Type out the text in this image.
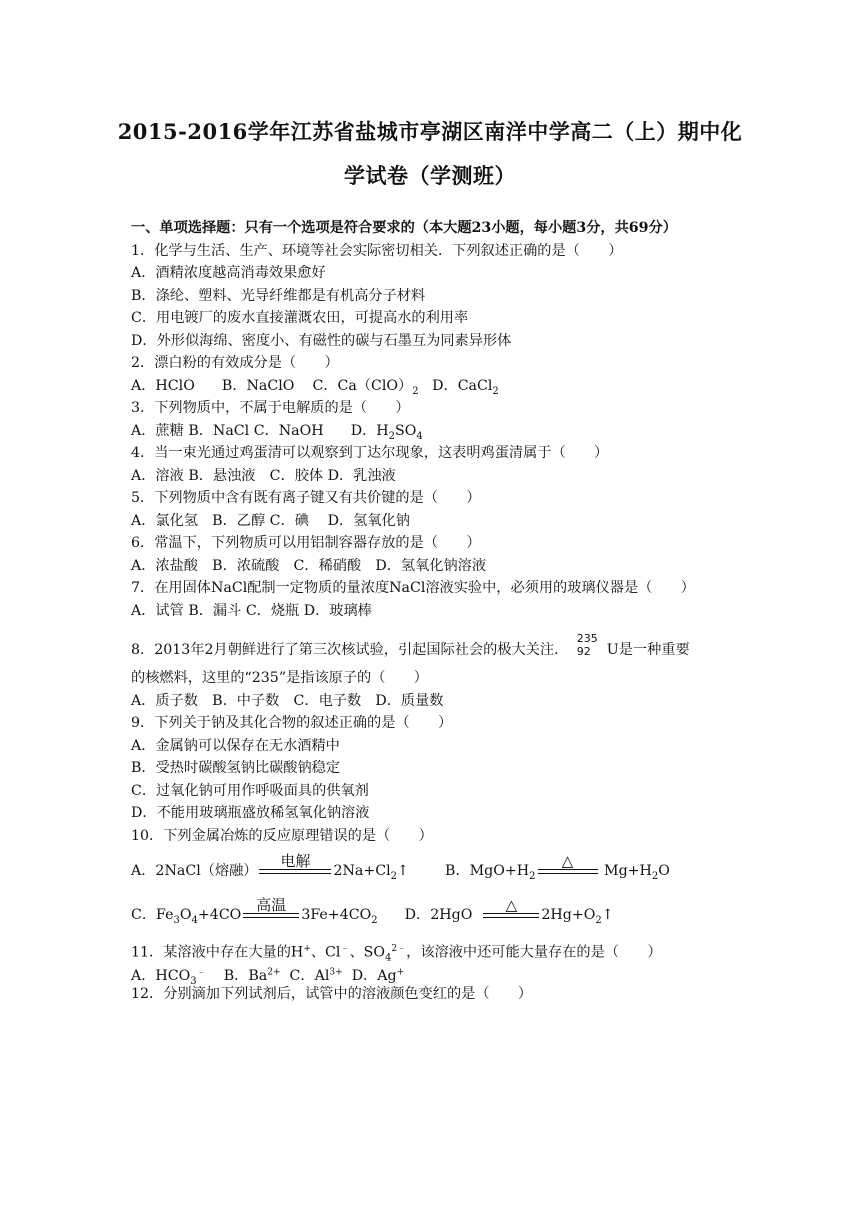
2015-2016学年江苏省盐城市亭湖区南洋中学高二（上）期中化
学试卷（学测班）
一、单项选择题：只有一个选项是符合要求的（本大题23小题，每小题3分，共69分）
1．化学与生活、生产、环境等社会实际密切相关．下列叙述正确的是（　　）
A．酒精浓度越高消毒效果愈好
B．涤纶、塑料、光导纤维都是有机高分子材料
C．用电镀厂的废水直接灌溉农田，可提高水的利用率
D．外形似海绵、密度小、有磁性的碳与石墨互为同素异形体
2．漂白粉的有效成分是（　　）
A．HClO B．NaClO C．$Ca(ClO)_2$ D．CaCl$_2$
3．下列物质中，不属于电解质的是（　　）
A．蔗糖 B．NaCl C．NaOH D．$H_2SO_4$
4．当一束光通过鸡蛋清可以观察到丁达尔现象，这表明鸡蛋清属于（　　）
A．溶液 B．悬浊液　C．胶体 D．乳浊液
5．下列物质中含有既有离子键又有共价键的是（　　）
A．氯化氢　B．乙醇 C．碘　 D．氢氧化钠
6．常温下，下列物质可以用铝制容器存放的是（　　）
A．浓盐酸　B．浓硫酸　C．稀硝酸　D．氢氧化钠溶液
7．在用固体NaCl配制一定物质的量浓度NaCl溶液实验中，必须用的玻璃仪器是（　　）
A．试管 B．漏斗 C．烧瓶 D．玻璃棒
8．2013年2月朝鲜进行了第三次核试验，引起国际社会的极大关注．
235
92	U是一种重要
的核燃料，这里的“235”是指该原子的（　　）
A．质子数　B．中子数　C．电子数　D．质量数
9．下列关于钠及其化合物的叙述正确的是（　　）
A．金属钠可以保存在无水酒精中
B．受热时碳酸氢钠比碳酸钠稳定
C．过氧化钠可用作呼吸面具的供氧剂
D．不能用玻璃瓶盛放稀氢氧化钠溶液
10．下列金属冶炼的反应原理错误的是（　　）
A．2NaCl（熔融）
电解
$2Na+Cl_2↑$	B．$MgO+H_2$
△
$Mg+H_2O$
C．$Fe_3O_4+4CO$
高温
$3Fe+4CO_2$ D．2HgO
△
$2Hg+O_2↑$
11．某溶液中存在大量的H+、Cl﹣、$SO_4^{2﹣}$，该溶液中还可能大量存在的是（　　）
A．$HCO_3^﹣$ B．$Ba^{2+}$ C．$Al^{3+}$ D．Ag+
12．分别滴加下列试剂后，试管中的溶液颜色变红的是（　　）
